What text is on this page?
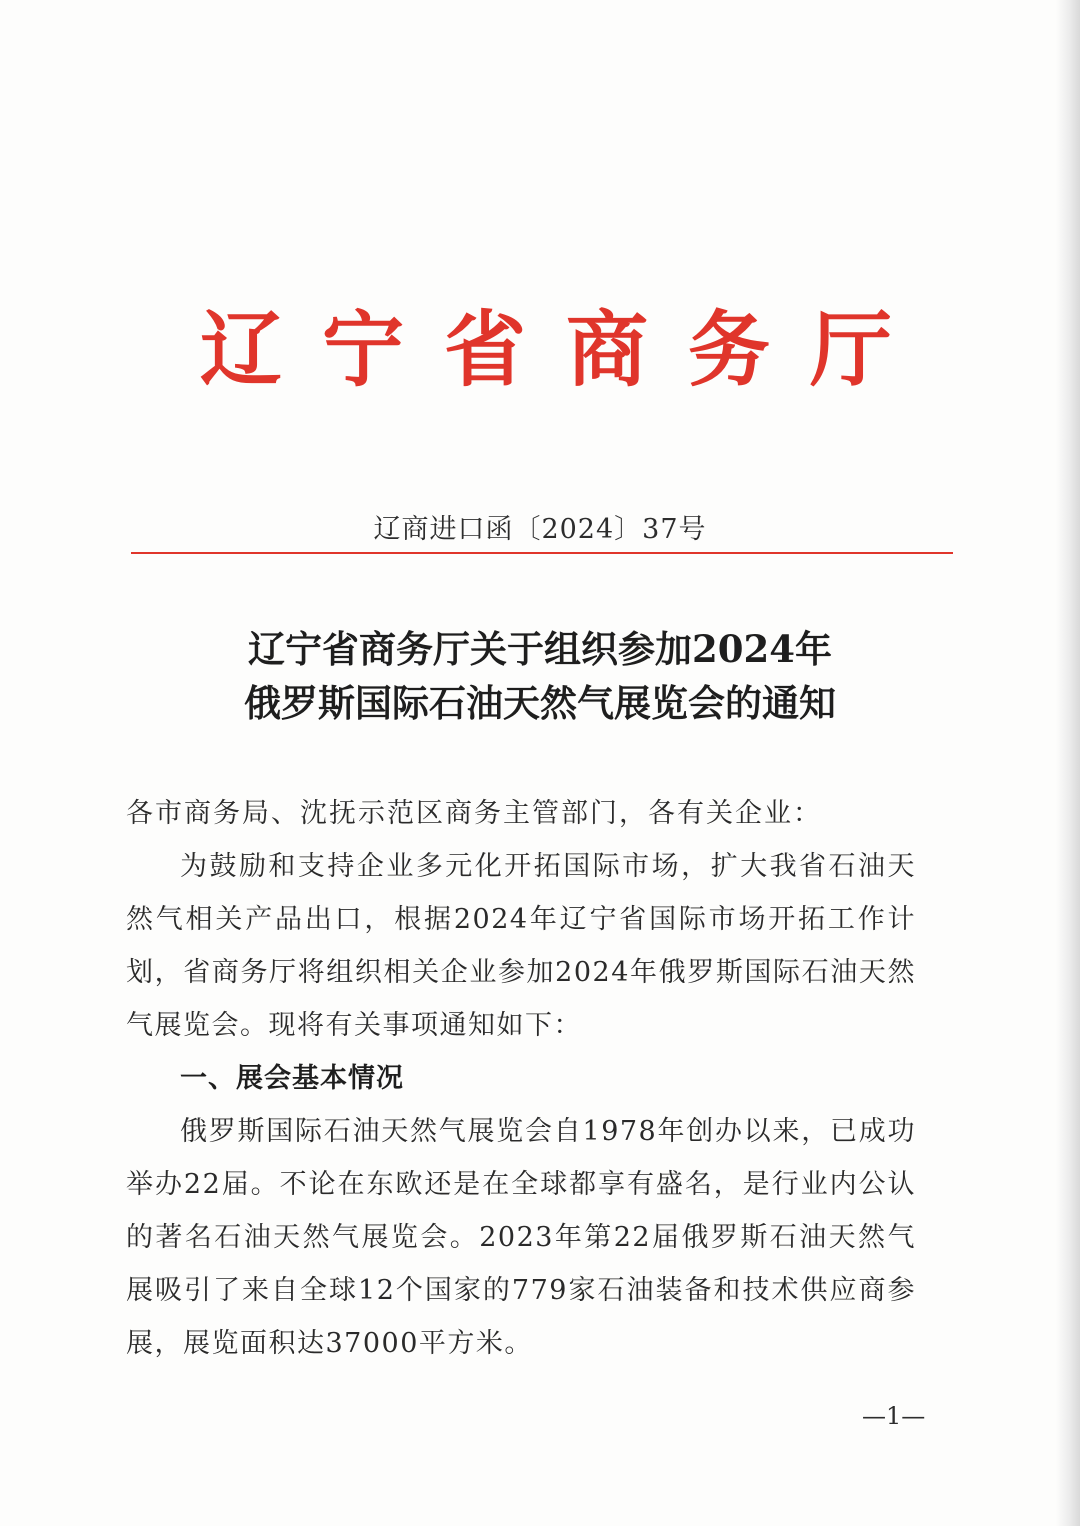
辽宁省商务厅
辽商进口函〔2024〕37号
辽宁省商务厅关于组织参加2024年
俄罗斯国际石油天然气展览会的通知

各市商务局、沈抚示范区商务主管部门，各有关企业：

为鼓励和支持企业多元化开拓国际市场，扩大我省石油天然气相关产品出口，根据2024年辽宁省国际市场开拓工作计划，省商务厅将组织相关企业参加2024年俄罗斯国际石油天然气展览会。现将有关事项通知如下：

一、展会基本情况

俄罗斯国际石油天然气展览会自1978年创办以来，已成功举办22届。不论在东欧还是在全球都享有盛名，是行业内公认的著名石油天然气展览会。2023年第22届俄罗斯石油天然气展吸引了来自全球12个国家的779家石油装备和技术供应商参展，展览面积达37000平方米。

—1—
